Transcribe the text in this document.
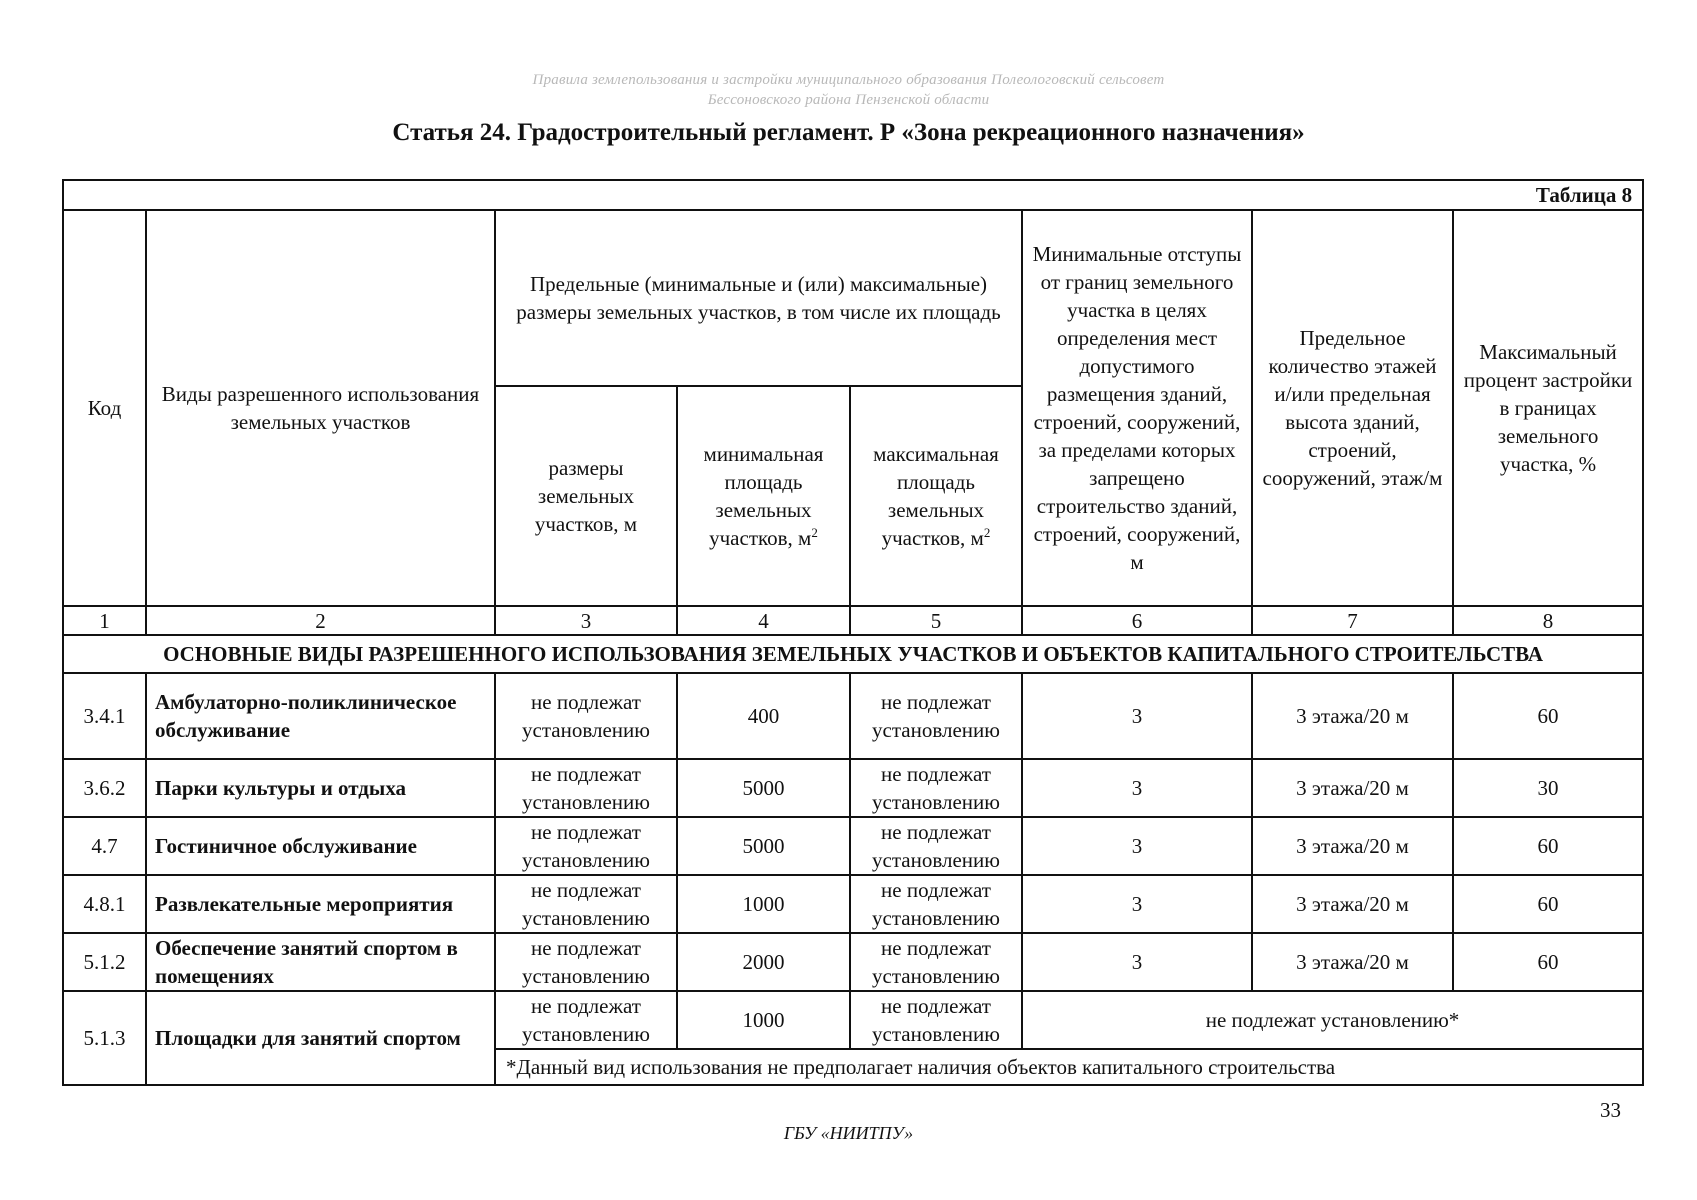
Правила землепользования и застройки муниципального образования Полеологовский сельсовет
Бессоновского района Пензенской области
Статья 24. Градостроительный регламент. Р «Зона рекреационного назначения»
Таблица 8							
Код	Виды разрешенного использования земельных участков	Предельные (минимальные и (или) максимальные) размеры земельных участков, в том числе их площадь			Минимальные отступы от границ земельного участка в целях определения мест допустимого размещения зданий, строений, сооружений, за пределами которых запрещено строительство зданий, строений, сооружений, м	Предельное количество этажей и/или предельная высота зданий, строений, сооружений, этаж/м	Максимальный процент застройки в границах земельного участка, %
		размеры земельных участков, м	минимальная площадь земельных участков, $м^2$	максимальная площадь земельных участков, $м^2$
1	2	3	4	5	6	7	8
ОСНОВНЫЕ ВИДЫ РАЗРЕШЕННОГО ИСПОЛЬЗОВАНИЯ ЗЕМЕЛЬНЫХ УЧАСТКОВ И ОБЪЕКТОВ КАПИТАЛЬНОГО СТРОИТЕЛЬСТВА							
3.4.1	Амбулаторно-поликлиническое обслуживание	не подлежат установлению	400	не подлежат установлению	3	3 этажа/20 м	60
3.6.2	Парки культуры и отдыха	не подлежат установлению	5000	не подлежат установлению	3	3 этажа/20 м	30
4.7	Гостиничное обслуживание	не подлежат установлению	5000	не подлежат установлению	3	3 этажа/20 м	60
4.8.1	Развлекательные мероприятия	не подлежат установлению	1000	не подлежат установлению	3	3 этажа/20 м	60
5.1.2	Обеспечение занятий спортом в помещениях	не подлежат установлению	2000	не подлежат установлению	3	3 этажа/20 м	60
5.1.3	Площадки для занятий спортом	не подлежат установлению	1000	не подлежат установлению	не подлежат установлению*		
		*Данный вид использования не предполагает наличия объектов капитального строительства					
33
ГБУ «НИИТПУ»
